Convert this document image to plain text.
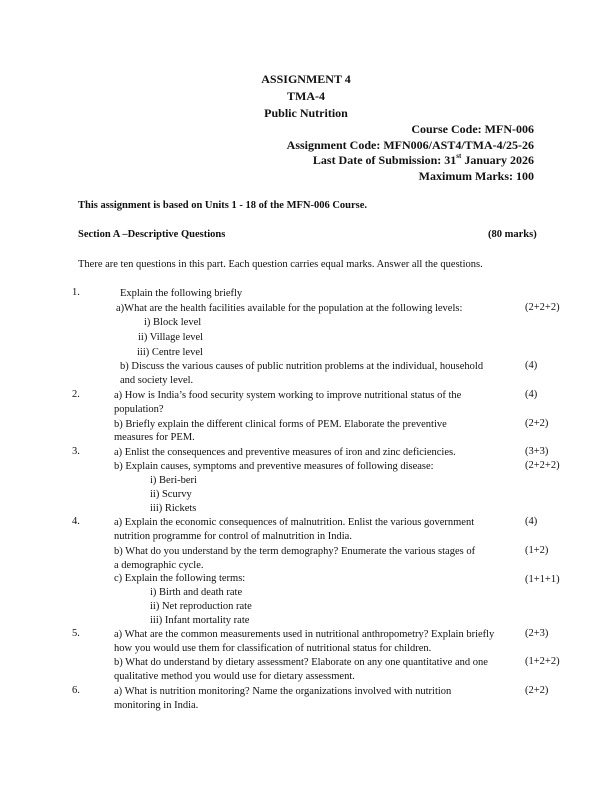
ASSIGNMENT 4
TMA-4
Public Nutrition
Course Code: MFN-006
Assignment Code: MFN006/AST4/TMA-4/25-26
Last Date of Submission: 31st January 2026
Maximum Marks: 100
This assignment is based on Units 1 - 18 of the MFN-006 Course.
Section A –Descriptive Questions	(80 marks)
There are ten questions in this part. Each question carries equal marks. Answer all the questions.
1.	Explain the following briefly
a)What are the health facilities available for the population at the following levels:	(2+2+2)
i) Block level
ii) Village level
iii) Centre level
b) Discuss the various causes of public nutrition problems at the individual, household	(4)
and society level.
2.	a) How is India’s food security system working to improve nutritional status of the	(4)
population?
b) Briefly explain the different clinical forms of PEM. Elaborate the preventive	(2+2)
measures for PEM.
3.	a) Enlist the consequences and preventive measures of iron and zinc deficiencies.	(3+3)
b) Explain causes, symptoms and preventive measures of following disease:	(2+2+2)
i) Beri-beri
ii) Scurvy
iii) Rickets
4.	a) Explain the economic consequences of malnutrition. Enlist the various government	(4)
nutrition programme for control of malnutrition in India.
b) What do you understand by the term demography? Enumerate the various stages of	(1+2)
a demographic cycle.
c) Explain the following terms:	(1+1+1)
i) Birth and death rate
ii) Net reproduction rate
iii) Infant mortality rate
5.	a) What are the common measurements used in nutritional anthropometry? Explain briefly	(2+3)
how you would use them for classification of nutritional status for children.
b) What do understand by dietary assessment? Elaborate on any one quantitative and one	(1+2+2)
qualitative method you would use for dietary assessment.
6.	a) What is nutrition monitoring? Name the organizations involved with nutrition	(2+2)
monitoring in India.
